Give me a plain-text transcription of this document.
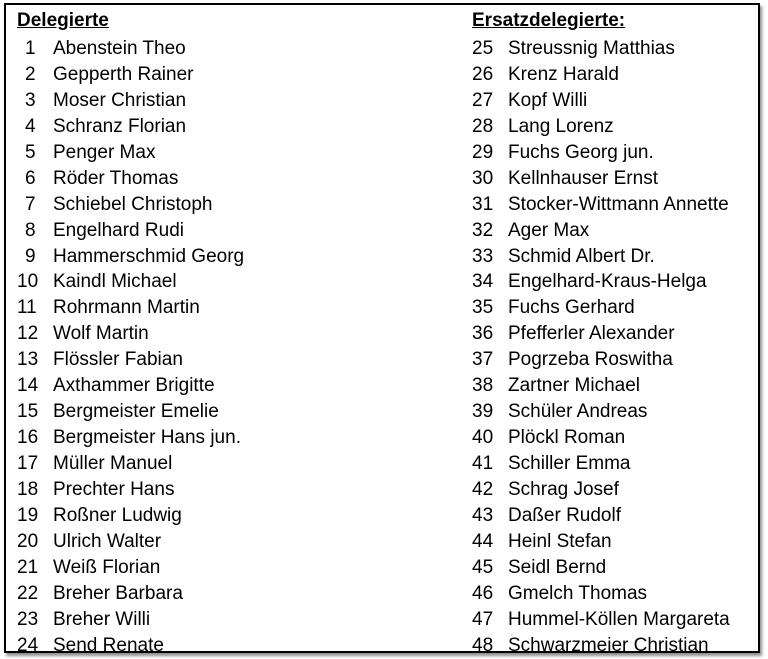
Delegierte
1 Abenstein Theo
2 Gepperth Rainer
3 Moser Christian
4 Schranz Florian
5 Penger Max
6 Röder Thomas
7 Schiebel Christoph
8 Engelhard Rudi
9 Hammerschmid Georg
10 Kaindl Michael
11 Rohrmann Martin
12 Wolf Martin
13 Flössler Fabian
14 Axthammer Brigitte
15 Bergmeister Emelie
16 Bergmeister Hans jun.
17 Müller Manuel
18 Prechter Hans
19 Roßner Ludwig
20 Ulrich Walter
21 Weiß Florian
22 Breher Barbara
23 Breher Willi
24 Send Renate
Ersatzdelegierte:
25 Streussnig Matthias
26 Krenz Harald
27 Kopf Willi
28 Lang Lorenz
29 Fuchs Georg jun.
30 Kellnhauser Ernst
31 Stocker-Wittmann Annette
32 Ager Max
33 Schmid Albert Dr.
34 Engelhard-Kraus-Helga
35 Fuchs Gerhard
36 Pfefferler Alexander
37 Pogrzeba Roswitha
38 Zartner Michael
39 Schüler Andreas
40 Plöckl Roman
41 Schiller Emma
42 Schrag Josef
43 Daßer Rudolf
44 Heinl Stefan
45 Seidl Bernd
46 Gmelch Thomas
47 Hummel-Köllen Margareta
48 Schwarzmeier Christian
